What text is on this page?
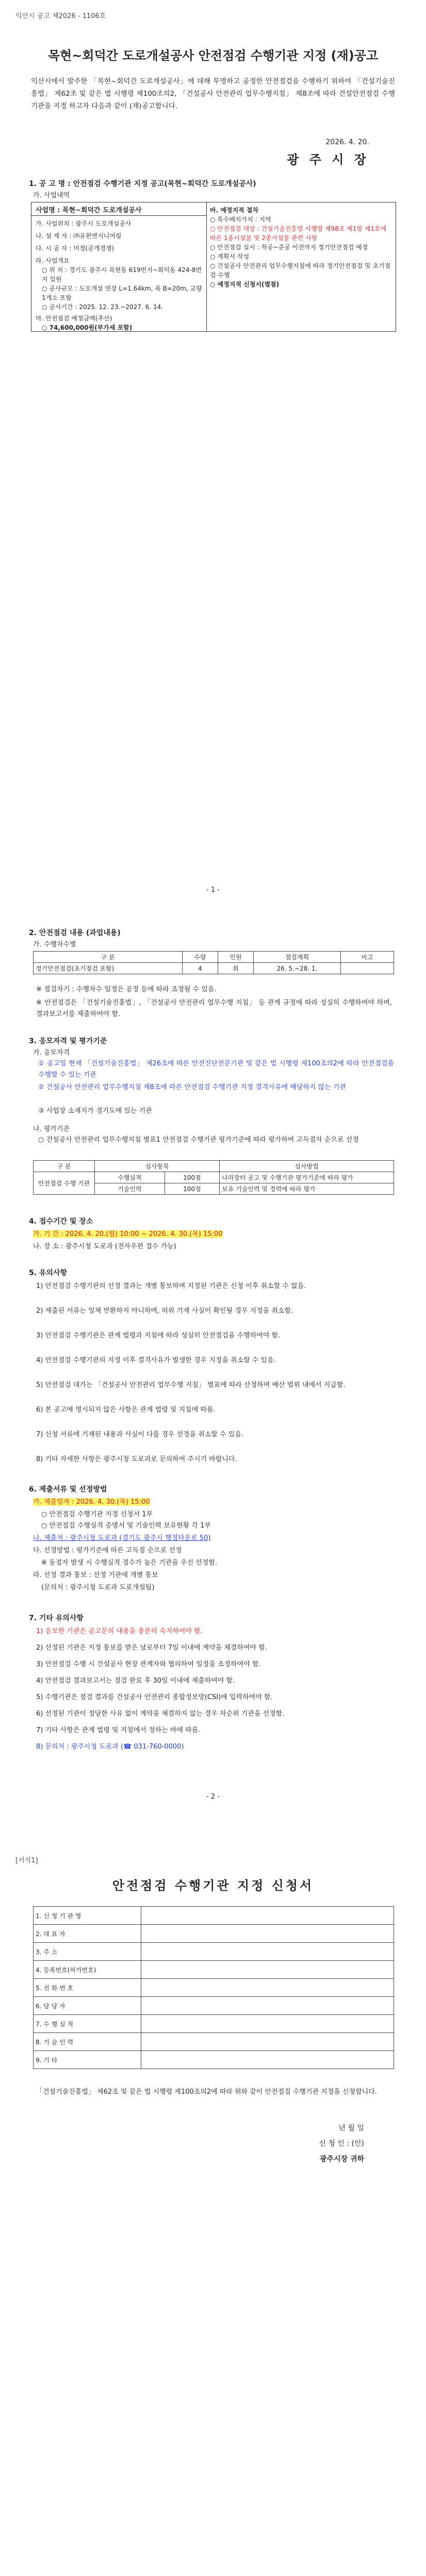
익산시 공고 제2026 - 1106호
목현~회덕간 도로개설공사 안전점검 수행기관 지정 (재)공고
익산시에서 발주한 「목현~회덕간 도로개설공사」에 대해 투명하고 공정한 안전점검을 수행하기 위하여 「건설기술진흥법」 제62조 및 같은 법 시행령 제100조의2, 「건설공사 안전관리 업무수행지침」 제8조에 따라 건설안전점검 수행기관을 지정 하고자 다음과 같이 (재)공고합니다.
2026. 4. 20.
광 주 시 장
1. 공 고 명 : 안전점검 수행기관 지정 공고(목현~회덕간 도로개설공사)
가. 사업내역
사업명 : 목현~회덕간 도로개설공사
가. 사업위치 : 광주시 도로개설공사
나. 설 계 자 : ㈜유윈엔지니어링
다. 시 공 자 : 미정(공개경쟁)
라. 사업개요
○ 위 치 : 경기도 광주시 목현동 619번지~회덕동 424-8번지 일원
○ 공사규모 : 도로개설 연장 L=1.64km, 폭 B=20m, 교량 1개소 포함
○ 공사기간 : 2025. 12. 23.~2027. 6. 14.
마. 안전점검 예정금액(추산)
○ 74,600,000원(부가세 포함)
바. 예정지적 절차
○ 특수배치가치 : 지역
○ 안전점검 대상 : 건설기술진흥법 시행령 제98조 제1항 제1호에 따른 1종시설물 및 2종시설물 관련 사항
○ 안전점검 실시 : 착공~준공 이전까지 정기안전점검 예정
○ 계획서 작성
○ 건설공사 안전관리 업무수행지침에 따라 정기안전점검 및 초기점검 수행
○ 예정지적 신청서(별첨)
- 1 -
2. 안전점검 내용 (과업내용)
가. 수행차수별
구 분	수량	인원	점검계획	비고
정기안전점검(초기점검 포함)	4	회	26. 5.~28. 1.	
※ 점검차기 : 수행차수 일정은 공정 등에 따라 조정될 수 있음.
※ 안전점검은 「건설기술진흥법」, 「건설공사 안전관리 업무수행 지침」 등 관계 규정에 따라 성실히 수행하여야 하며, 결과보고서를 제출하여야 함.
3. 응모자격 및 평가기준
가. 응모자격
① 공고일 현재 「건설기술진흥법」 제26조에 따른 안전진단전문기관 및 같은 법 시행령 제100조의2에 따라 안전점검을 수행할 수 있는 기관
② 건설공사 안전관리 업무수행지침 제8조에 따른 안전점검 수행기관 지정 결격사유에 해당하지 않는 기관
③ 사업장 소재지가 경기도에 있는 기관
나. 평가기준
○ 건설공사 안전관리 업무수행지침 별표1 안전점검 수행기관 평가기준에 따라 평가하여 고득점자 순으로 선정
구 분	심사항목		심사방법
안전점검 수행 기관	수행실적	100점	나라장터 공고 및 수행기관 평가기준에 따라 평가
	기술인력	100점	보유 기술인력 및 경력에 따라 평가
4. 접수기간 및 장소
가. 기 간 : 2026. 4. 20.(월) 10:00 ~ 2026. 4. 30.(목) 15:00
나. 장 소 : 광주시청 도로과 (전자우편 접수 가능)
5. 유의사항
1) 안전점검 수행기관의 선정 결과는 개별 통보하며 지정된 기관은 신청 이후 취소할 수 없음.
2) 제출된 서류는 일체 반환하지 아니하며, 허위 기재 사실이 확인될 경우 지정을 취소함.
3) 안전점검 수행기관은 관계 법령과 지침에 따라 성실히 안전점검을 수행하여야 함.
4) 안전점검 수행기관의 지정 이후 결격사유가 발생한 경우 지정을 취소할 수 있음.
5) 안전점검 대가는 「건설공사 안전관리 업무수행 지침」 별표에 따라 산정하며 예산 범위 내에서 지급함.
6) 본 공고에 명시되지 않은 사항은 관계 법령 및 지침에 따름.
7) 신청 서류에 기재된 내용과 사실이 다를 경우 선정을 취소할 수 있음.
8) 기타 자세한 사항은 광주시청 도로과로 문의하여 주시기 바랍니다.
6. 제출서류 및 선정방법
가. 제출일자 : 2026. 4. 30.(목) 15:00
○ 안전점검 수행기관 지정 신청서 1부
○ 안전점검 수행실적 증명서 및 기술인력 보유현황 각 1부
나. 제출처 : 광주시청 도로과 (경기도 광주시 행정타운로 50)
다. 선정방법 : 평가기준에 따른 고득점 순으로 선정
※ 동점자 발생 시 수행실적 점수가 높은 기관을 우선 선정함.
라. 선정 결과 통보 : 선정 기관에 개별 통보
(문의처 : 광주시청 도로과 도로개설팀)
7. 기타 유의사항
1) 응모한 기관은 공고문의 내용을 충분히 숙지하여야 함.
2) 선정된 기관은 지정 통보를 받은 날로부터 7일 이내에 계약을 체결하여야 함.
3) 안전점검 수행 시 건설공사 현장 관계자와 협의하여 일정을 조정하여야 함.
4) 안전점검 결과보고서는 점검 완료 후 30일 이내에 제출하여야 함.
5) 수행기관은 점검 결과를 건설공사 안전관리 종합정보망(CSI)에 입력하여야 함.
6) 선정된 기관이 정당한 사유 없이 계약을 체결하지 않는 경우 차순위 기관을 선정함.
7) 기타 사항은 관계 법령 및 지침에서 정하는 바에 따름.
8) 문의처 : 광주시청 도로과 (☎ 031-760-0000)
- 2 -
[서식1]
안전점검 수행기관 지정 신청서
1. 신 청 기 관 명	
2. 대 표 자	
3. 주 소	
4. 등록번호(허가번호)	
5. 전 화 번 호	
6. 담 당 자	
7. 수 행 실 적	
8. 기 술 인 력	
9. 기 타	
「건설기술진흥법」 제62조 및 같은 법 시행령 제100조의2에 따라 위와 같이 안전점검 수행기관 지정을 신청합니다.
년 월 일
신 청 인 : (인)
광주시장 귀하
